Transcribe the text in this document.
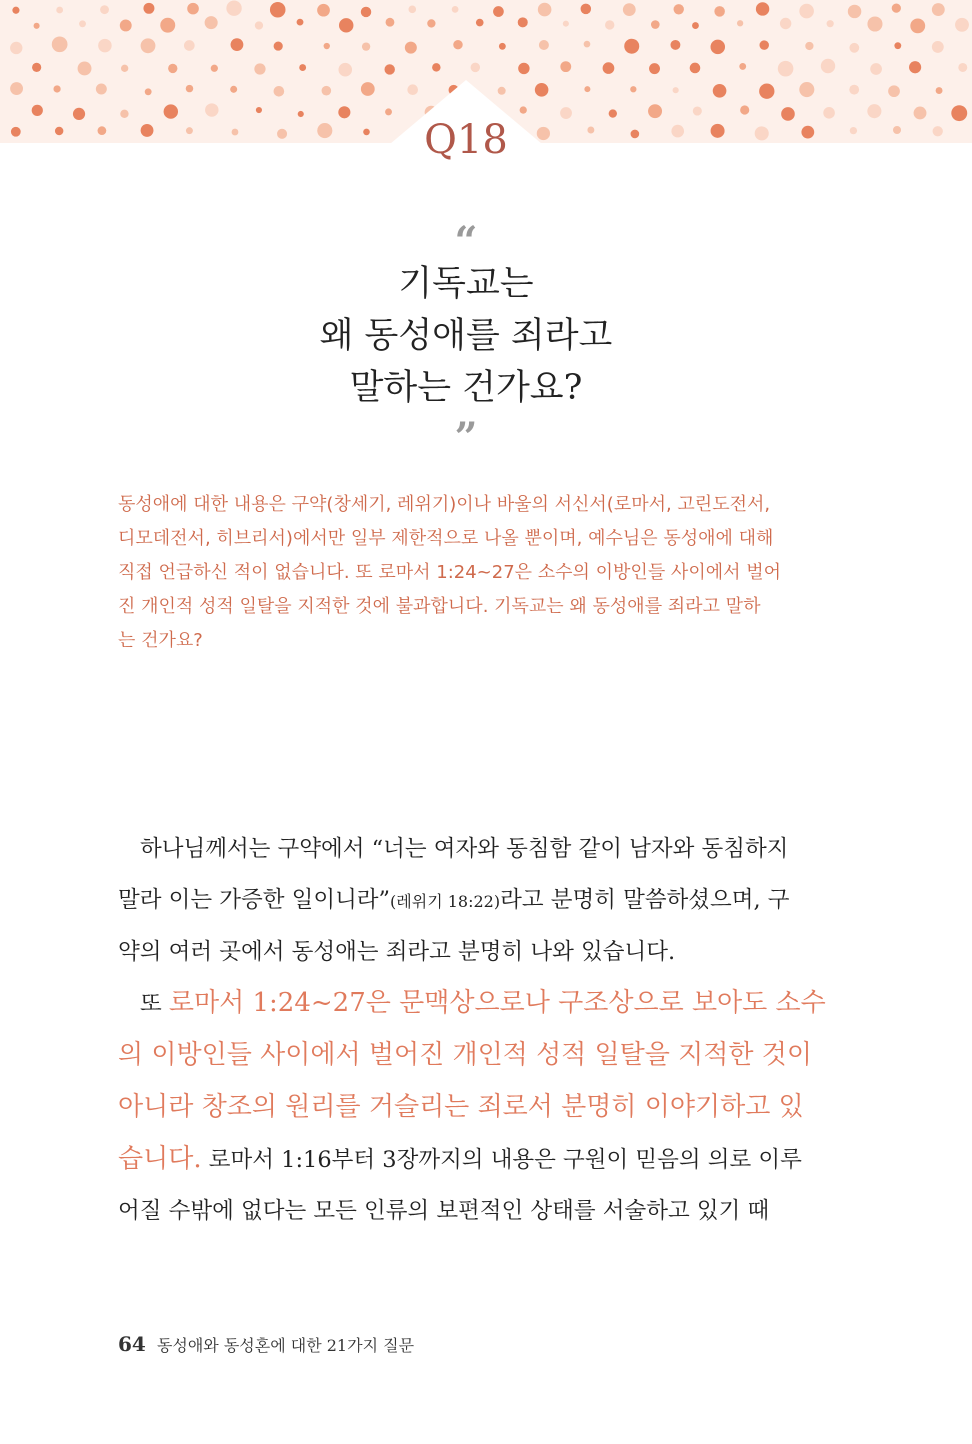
Q18
“
기독교는
왜 동성애를 죄라고
말하는 건가요?
”
동성애에 대한 내용은 구약(창세기, 레위기)이나 바울의 서신서(로마서, 고린도전서,
디모데전서, 히브리서)에서만 일부 제한적으로 나올 뿐이며, 예수님은 동성애에 대해
직접 언급하신 적이 없습니다. 또 로마서 1:24~27은 소수의 이방인들 사이에서 벌어
진 개인적 성적 일탈을 지적한 것에 불과합니다. 기독교는 왜 동성애를 죄라고 말하
는 건가요?
하나님께서는 구약에서 “너는 여자와 동침함 같이 남자와 동침하지
말라 이는 가증한 일이니라”(레위기 18:22)라고 분명히 말씀하셨으며, 구
약의 여러 곳에서 동성애는 죄라고 분명히 나와 있습니다.
또 로마서 1:24~27은 문맥상으로나 구조상으로 보아도 소수
의 이방인들 사이에서 벌어진 개인적 성적 일탈을 지적한 것이
아니라 창조의 원리를 거슬리는 죄로서 분명히 이야기하고 있
습니다. 로마서 1:16부터 3장까지의 내용은 구원이 믿음의 의로 이루
어질 수밖에 없다는 모든 인류의 보편적인 상태를 서술하고 있기 때
64 동성애와 동성혼에 대한 21가지 질문
